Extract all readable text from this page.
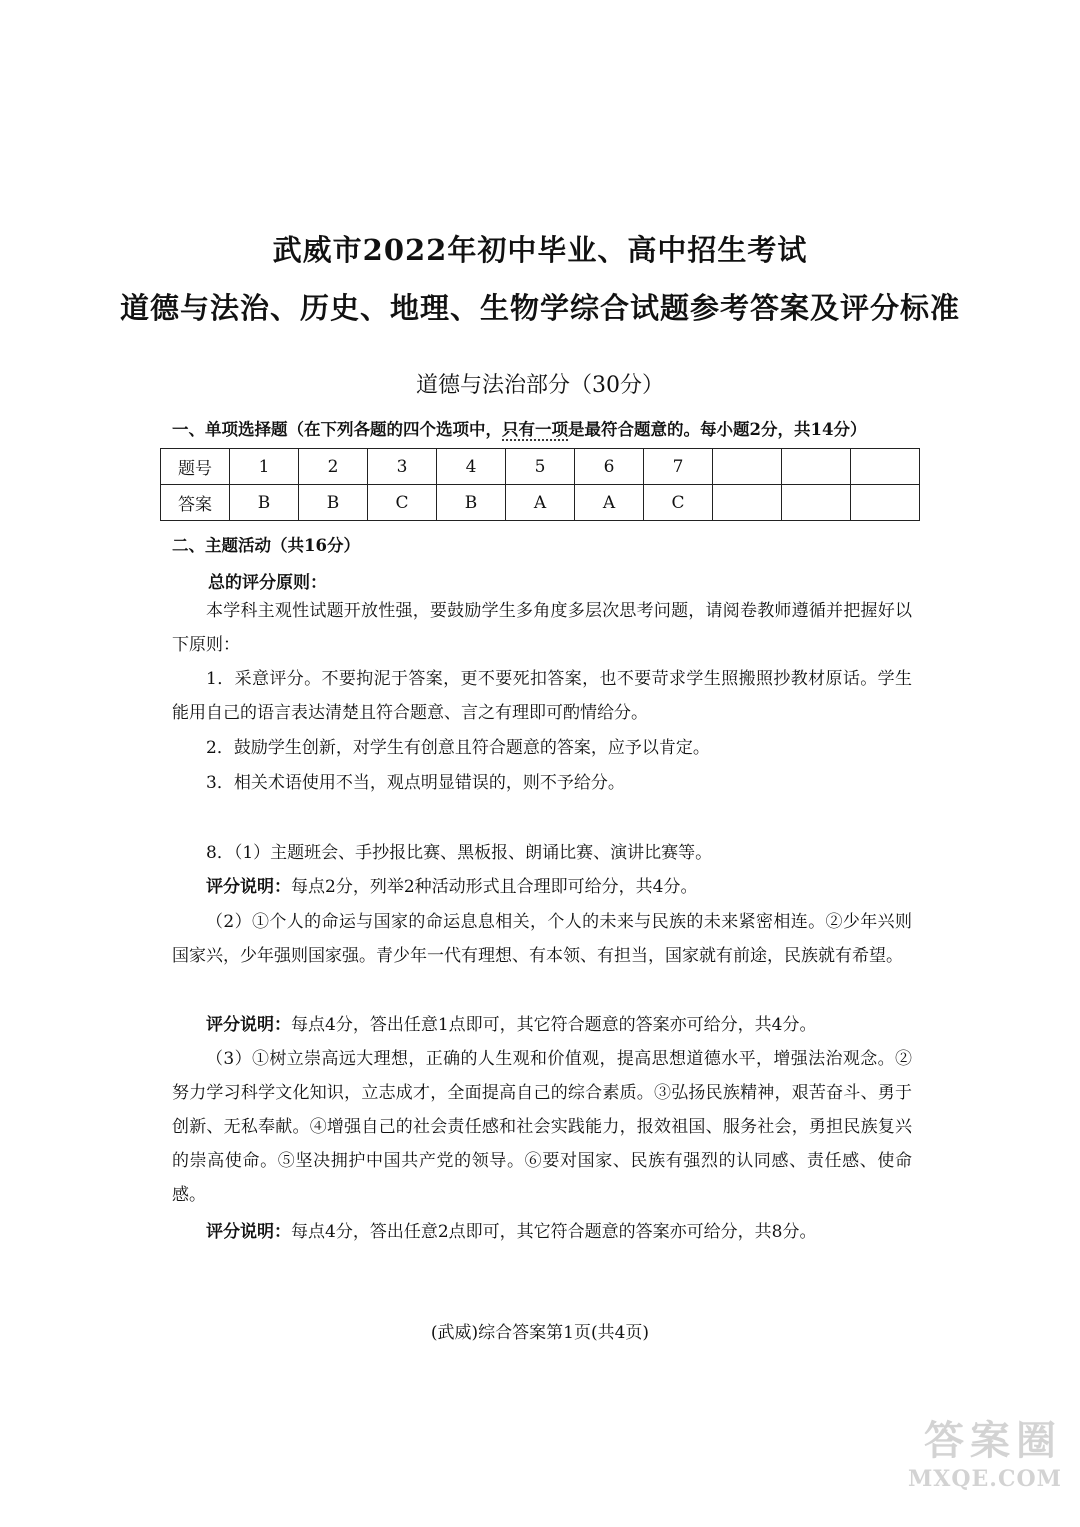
武威市2022年初中毕业、高中招生考试
道德与法治、历史、地理、生物学综合试题参考答案及评分标准
道德与法治部分（30分）
一、单项选择题（在下列各题的四个选项中，只有一项是最符合题意的。每小题2分，共14分）
题号	1	2	3	4	5	6	7			
答案	B	B	C	B	A	A	C			
二、主题活动（共16分）
总的评分原则：
本学科主观性试题开放性强，要鼓励学生多角度多层次思考问题，请阅卷教师遵循并把握好以下原则：
1．采意评分。不要拘泥于答案，更不要死扣答案，也不要苛求学生照搬照抄教材原话。学生能用自己的语言表达清楚且符合题意、言之有理即可酌情给分。
2．鼓励学生创新，对学生有创意且符合题意的答案，应予以肯定。
3．相关术语使用不当，观点明显错误的，则不予给分。
8．（1）主题班会、手抄报比赛、黑板报、朗诵比赛、演讲比赛等。
评分说明：每点2分，列举2种活动形式且合理即可给分，共4分。
（2）①个人的命运与国家的命运息息相关，个人的未来与民族的未来紧密相连。②少年兴则国家兴，少年强则国家强。青少年一代有理想、有本领、有担当，国家就有前途，民族就有希望。
评分说明：每点4分，答出任意1点即可，其它符合题意的答案亦可给分，共4分。
（3）①树立崇高远大理想，正确的人生观和价值观，提高思想道德水平，增强法治观念。②努力学习科学文化知识，立志成才，全面提高自己的综合素质。③弘扬民族精神，艰苦奋斗、勇于创新、无私奉献。④增强自己的社会责任感和社会实践能力，报效祖国、服务社会，勇担民族复兴的崇高使命。⑤坚决拥护中国共产党的领导。⑥要对国家、民族有强烈的认同感、责任感、使命感。
评分说明：每点4分，答出任意2点即可，其它符合题意的答案亦可给分，共8分。
(武威)综合答案第1页(共4页)
答案圈
MXQE.COM
